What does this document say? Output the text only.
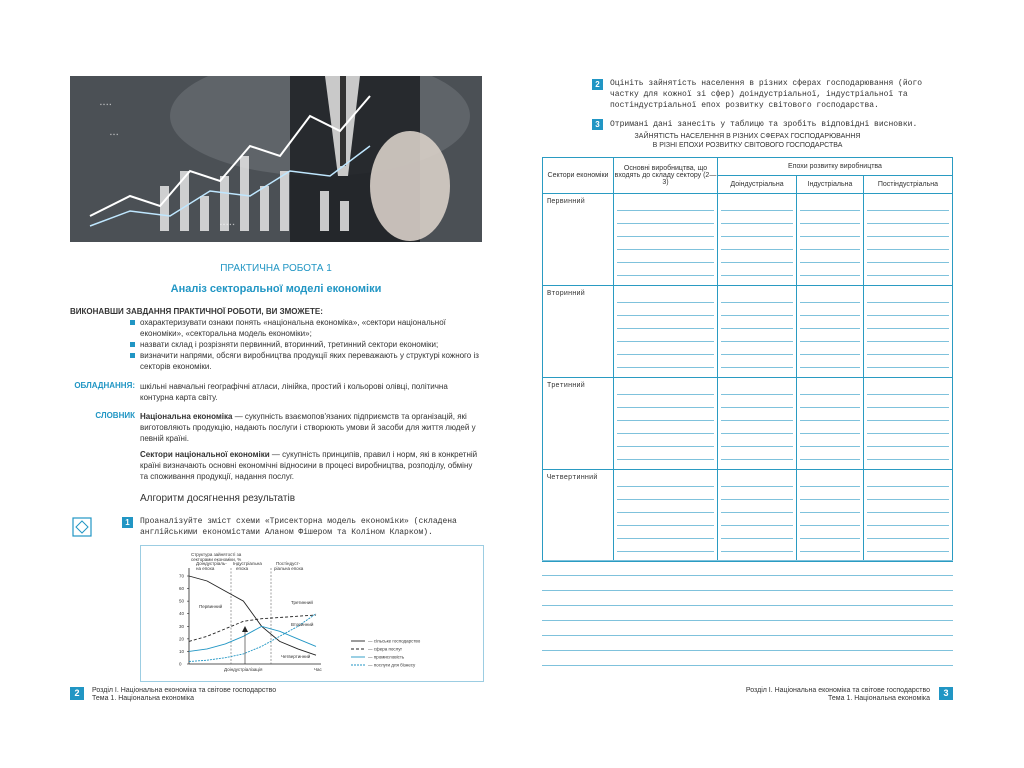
▪ ▪ ▪ ▪
▪ ▪ ▪
▪ ▪ ▪ ▪ ▪
ПРАКТИЧНА РОБОТА 1
Аналіз секторальної моделі економіки
ВИКОНАВШИ ЗАВДАННЯ ПРАКТИЧНОЇ РОБОТИ, ВИ ЗМОЖЕТЕ:
охарактеризувати ознаки понять «національна економіка», «сектори національної економіки», «секторальна модель економіки»;
назвати склад і розрізняти первинний, вторинний, третинний сектори економіки;
визначити напрями, обсяги виробництва продукції яких переважають у структурі кожного із секторів економіки.
ОБЛАДНАННЯ: шкільні навчальні географічні атласи, лінійка, простий і кольорові олівці, політична контурна карта світу.
СЛОВНИК Національна економіка — сукупність взаємопов'язаних підприємств та організацій, які виготовляють продукцію, надають послуги і створюють умови й засоби для життя людей у певній країні.
Сектори національної економіки — сукупність принципів, правил і норм, які в конкретній країні визначають основні економічні відносини в процесі виробництва, розподілу, обміну та споживання продукції, надання послуг.
Алгоритм досягнення результатів
1	Проаналізуйте зміст схеми «Трисекторна модель економіки» (складена англійськими економістами Аланом Фішером та Коліном Кларком).
Структура зайнятості за
секторами економіки, %
70
60
50
40
30
20
10
0
Доіндустріаль-
на епоха
Індустріальна
епоха
Постіндуст-
ріальна епоха
Первинний
Вторинний
Третинний
Четвертинний
Час
Доіндустріалізація
— сільське господарство
— сфера послуг
— промисловість
— послуги для бізнесу
2	Розділ І. Національна економіка та світове господарство
Тема 1. Національна економіка
2	Оцініть зайнятість населення в різних сферах господарювання (його частку для кожної зі сфер) доіндустріальної, індустріальної та постіндустріальної епох розвитку світового господарства.
3	Отримані дані занесіть у таблицю та зробіть відповідні висновки.
ЗАЙНЯТІСТЬ НАСЕЛЕННЯ В РІЗНИХ СФЕРАХ ГОСПОДАРЮВАННЯ
В РІЗНІ ЕПОХИ РОЗВИТКУ СВІТОВОГО ГОСПОДАРСТВА
Сектори економіки	Основні виробництва, що входять до складу сектору (2—3)	Епохи розвитку виробництва		
		Доіндустріальна	Індустріальна	Постіндустріальна
Первинний	

Вторинний	

Третинний	

Четвертинний	

Розділ І. Національна економіка та світове господарство
Тема 1. Національна економіка
3
